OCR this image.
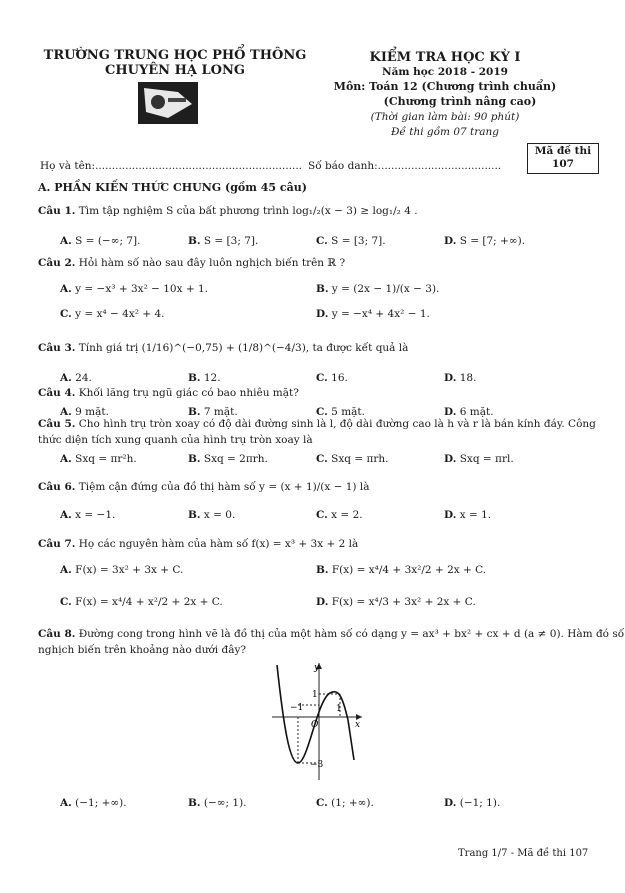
TRƯỜNG TRUNG HỌC PHỔ THÔNG
CHUYÊN HẠ LONG
KIỂM TRA HỌC KỲ I
Năm học 2018 - 2019
Môn: Toán 12 (Chương trình chuẩn)
(Chương trình nâng cao)
(Thời gian làm bài: 90 phút)
Đề thi gồm 07 trang
Mã đề thi
107
Họ và tên:.............................................................. Số báo danh:.....................................
A. PHẦN KIẾN THỨC CHUNG (gồm 45 câu)
Câu 1. Tìm tập nghiệm S của bất phương trình log₁/₂(x − 3) ≥ log₁/₂ 4 .
A. S = (−∞; 7].	B. S = [3; 7].	C. S = [3; 7].	D. S = [7; +∞).
Câu 2. Hỏi hàm số nào sau đây luôn nghịch biến trên ℝ ?
A. y = −x³ + 3x² − 10x + 1.	B. y = (2x − 1)/(x − 3).
C. y = x⁴ − 4x² + 4.	D. y = −x⁴ + 4x² − 1.
Câu 3. Tính giá trị (1/16)^(−0,75) + (1/8)^(−4/3), ta được kết quả là
A. 24.	B. 12.	C. 16.	D. 18.
Câu 4. Khối lăng trụ ngũ giác có bao nhiêu mặt?
A. 9 mặt.	B. 7 mặt.	C. 5 mặt.	D. 6 mặt.
Câu 5. Cho hình trụ tròn xoay có độ dài đường sinh là l, độ dài đường cao là h và r là bán kính đáy. Công
thức diện tích xung quanh của hình trụ tròn xoay là
A. Sxq = πr²h.	B. Sxq = 2πrh.	C. Sxq = πrh.	D. Sxq = πrl.
Câu 6. Tiệm cận đứng của đồ thị hàm số y = (x + 1)/(x − 1) là
A. x = −1.	B. x = 0.	C. x = 2.	D. x = 1.
Câu 7. Họ các nguyên hàm của hàm số f(x) = x³ + 3x + 2 là
A. F(x) = 3x² + 3x + C.	B. F(x) = x⁴/4 + 3x²/2 + 2x + C.
C. F(x) = x⁴/4 + x²/2 + 2x + C.	D. F(x) = x⁴/3 + 3x² + 2x + C.
Câu 8. Đường cong trong hình vẽ là đồ thị của một hàm số có dạng y = ax³ + bx² + cx + d (a ≠ 0). Hàm đó số
nghịch biến trên khoảng nào dưới đây?
A. (−1; +∞).	B. (−∞; 1).	C. (1; +∞).	D. (−1; 1).
y
x
O
1
−1
−3
1
Trang 1/7 - Mã đề thi 107
